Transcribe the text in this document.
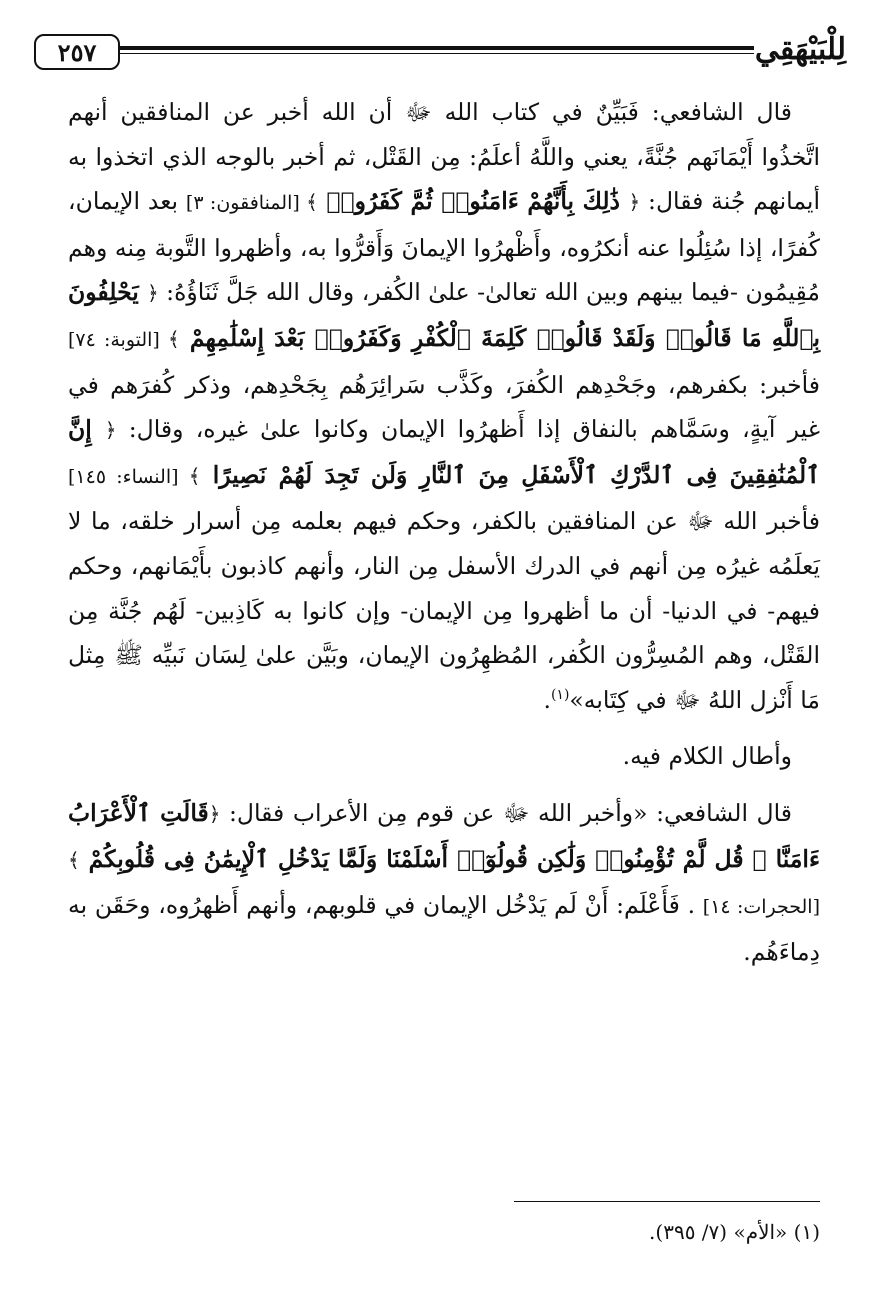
٢٥٧	لِلْبَيْهَقِي

قال الشافعي: فَبَيِّنٌ في كتاب الله ﷻ أن الله أخبر عن المنافقين أنهم اتَّخذُوا أَيْمَانَهم جُنَّةً، يعني واللَّهُ أعلَمُ: مِن القَتْل، ثم أخبر بالوجه الذي اتخذوا به أيمانهم جُنة فقال: ﴿ ذَٰلِكَ بِأَنَّهُمْ ءَامَنُوا۟ ثُمَّ كَفَرُوا۟ ﴾ [المنافقون: ٣] بعد الإيمان، كُفرًا، إذا سُئِلُوا عنه أنكرُوه، وأَظْهرُوا الإيمانَ وَأَقرُّوا به، وأظهروا التَّوبة مِنه وهم مُقِيمُون -فيما بينهم وبين الله تعالىٰ- علىٰ الكُفر، وقال الله جَلَّ ثَنَاؤُهُ: ﴿ يَحْلِفُونَ بِٱللَّهِ مَا قَالُوا۟ وَلَقَدْ قَالُوا۟ كَلِمَةَ ٱلْكُفْرِ وَكَفَرُوا۟ بَعْدَ إِسْلَٰمِهِمْ ﴾ [التوبة: ٧٤] فأخبر: بكفرهم، وجَحْدِهم الكُفرَ، وكَذَّب سَرائِرَهُم بِجَحْدِهم، وذكر كُفرَهم في غير آيةٍ، وسَمَّاهم بالنفاق إذا أَظهرُوا الإيمان وكانوا علىٰ غيره، وقال: ﴿ إِنَّ ٱلْمُنَٰفِقِينَ فِى ٱلدَّرْكِ ٱلْأَسْفَلِ مِنَ ٱلنَّارِ وَلَن تَجِدَ لَهُمْ نَصِيرًا ﴾ [النساء: ١٤٥] فأخبر الله ﷻ عن المنافقين بالكفر، وحكم فيهم بعلمه مِن أسرار خلقه، ما لا يَعلَمُه غيرُه مِن أنهم في الدرك الأسفل مِن النار، وأنهم كاذبون بأَيْمَانهم، وحكم فيهم- في الدنيا- أن ما أظهروا مِن الإيمان- وإن كانوا به كَاذِبين- لَهُم جُنَّة مِن القَتْل، وهم المُسِرُّون الكُفر، المُظهِرُون الإيمان، وبَيَّن علىٰ لِسَان نَبيِّه ﷺ مِثل مَا أَنْزل اللهُ ﷻ في كِتَابه»$^{(١)}$.

وأطال الكلام فيه.

قال الشافعي: «وأخبر الله ﷻ عن قوم مِن الأعراب فقال: ﴿قَالَتِ ٱلْأَعْرَابُ ءَامَنَّا ۖ قُل لَّمْ تُؤْمِنُوا۟ وَلَٰكِن قُولُوٓا۟ أَسْلَمْنَا وَلَمَّا يَدْخُلِ ٱلْإِيمَٰنُ فِى قُلُوبِكُمْ ﴾ [الحجرات: ١٤] . فَأَعْلَم: أَنْ لَم يَدْخُل الإيمان في قلوبهم، وأنهم أَظهرُوه، وحَقَن به دِماءَهُم.

(١) «الأم» (٧/ ٣٩٥).
